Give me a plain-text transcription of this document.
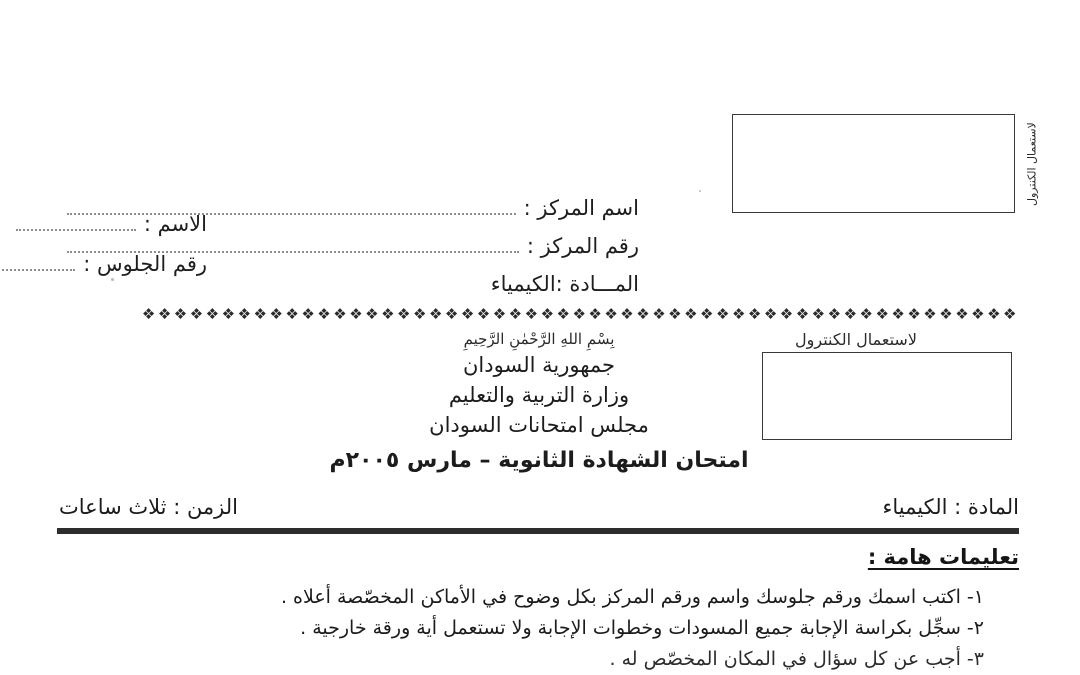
لاستعمال الكنترول
اسم المركز :
رقم المركز :
المـــادة :
الكيمياء
الاسم :
رقم الجلوس :
❖❖❖❖❖❖❖❖❖❖❖❖❖❖❖❖❖❖❖❖❖❖❖❖❖❖❖❖❖❖❖❖❖❖❖❖❖❖❖❖❖❖❖❖❖❖❖❖❖❖❖❖❖❖❖
لاستعمال الكنترول
بِسْمِ اللهِ الرَّحْمٰنِ الرَّحِيمِ
جمهورية السودان
وزارة التربية والتعليم
مجلس امتحانات السودان
امتحان الشهادة الثانوية – مارس ٢٠٠٥م
المادة : الكيمياء
الزمن : ثلاث ساعات
تعليمات هامة :
١- اكتب اسمك ورقم جلوسك واسم ورقم المركز بكل وضوح في الأماكن المخصّصة أعلاه .
٢- سجِّل بكراسة الإجابة جميع المسودات وخطوات الإجابة ولا تستعمل أية ورقة خارجية .
٣- أجب عن كل سؤال في المكان المخصّص له .
